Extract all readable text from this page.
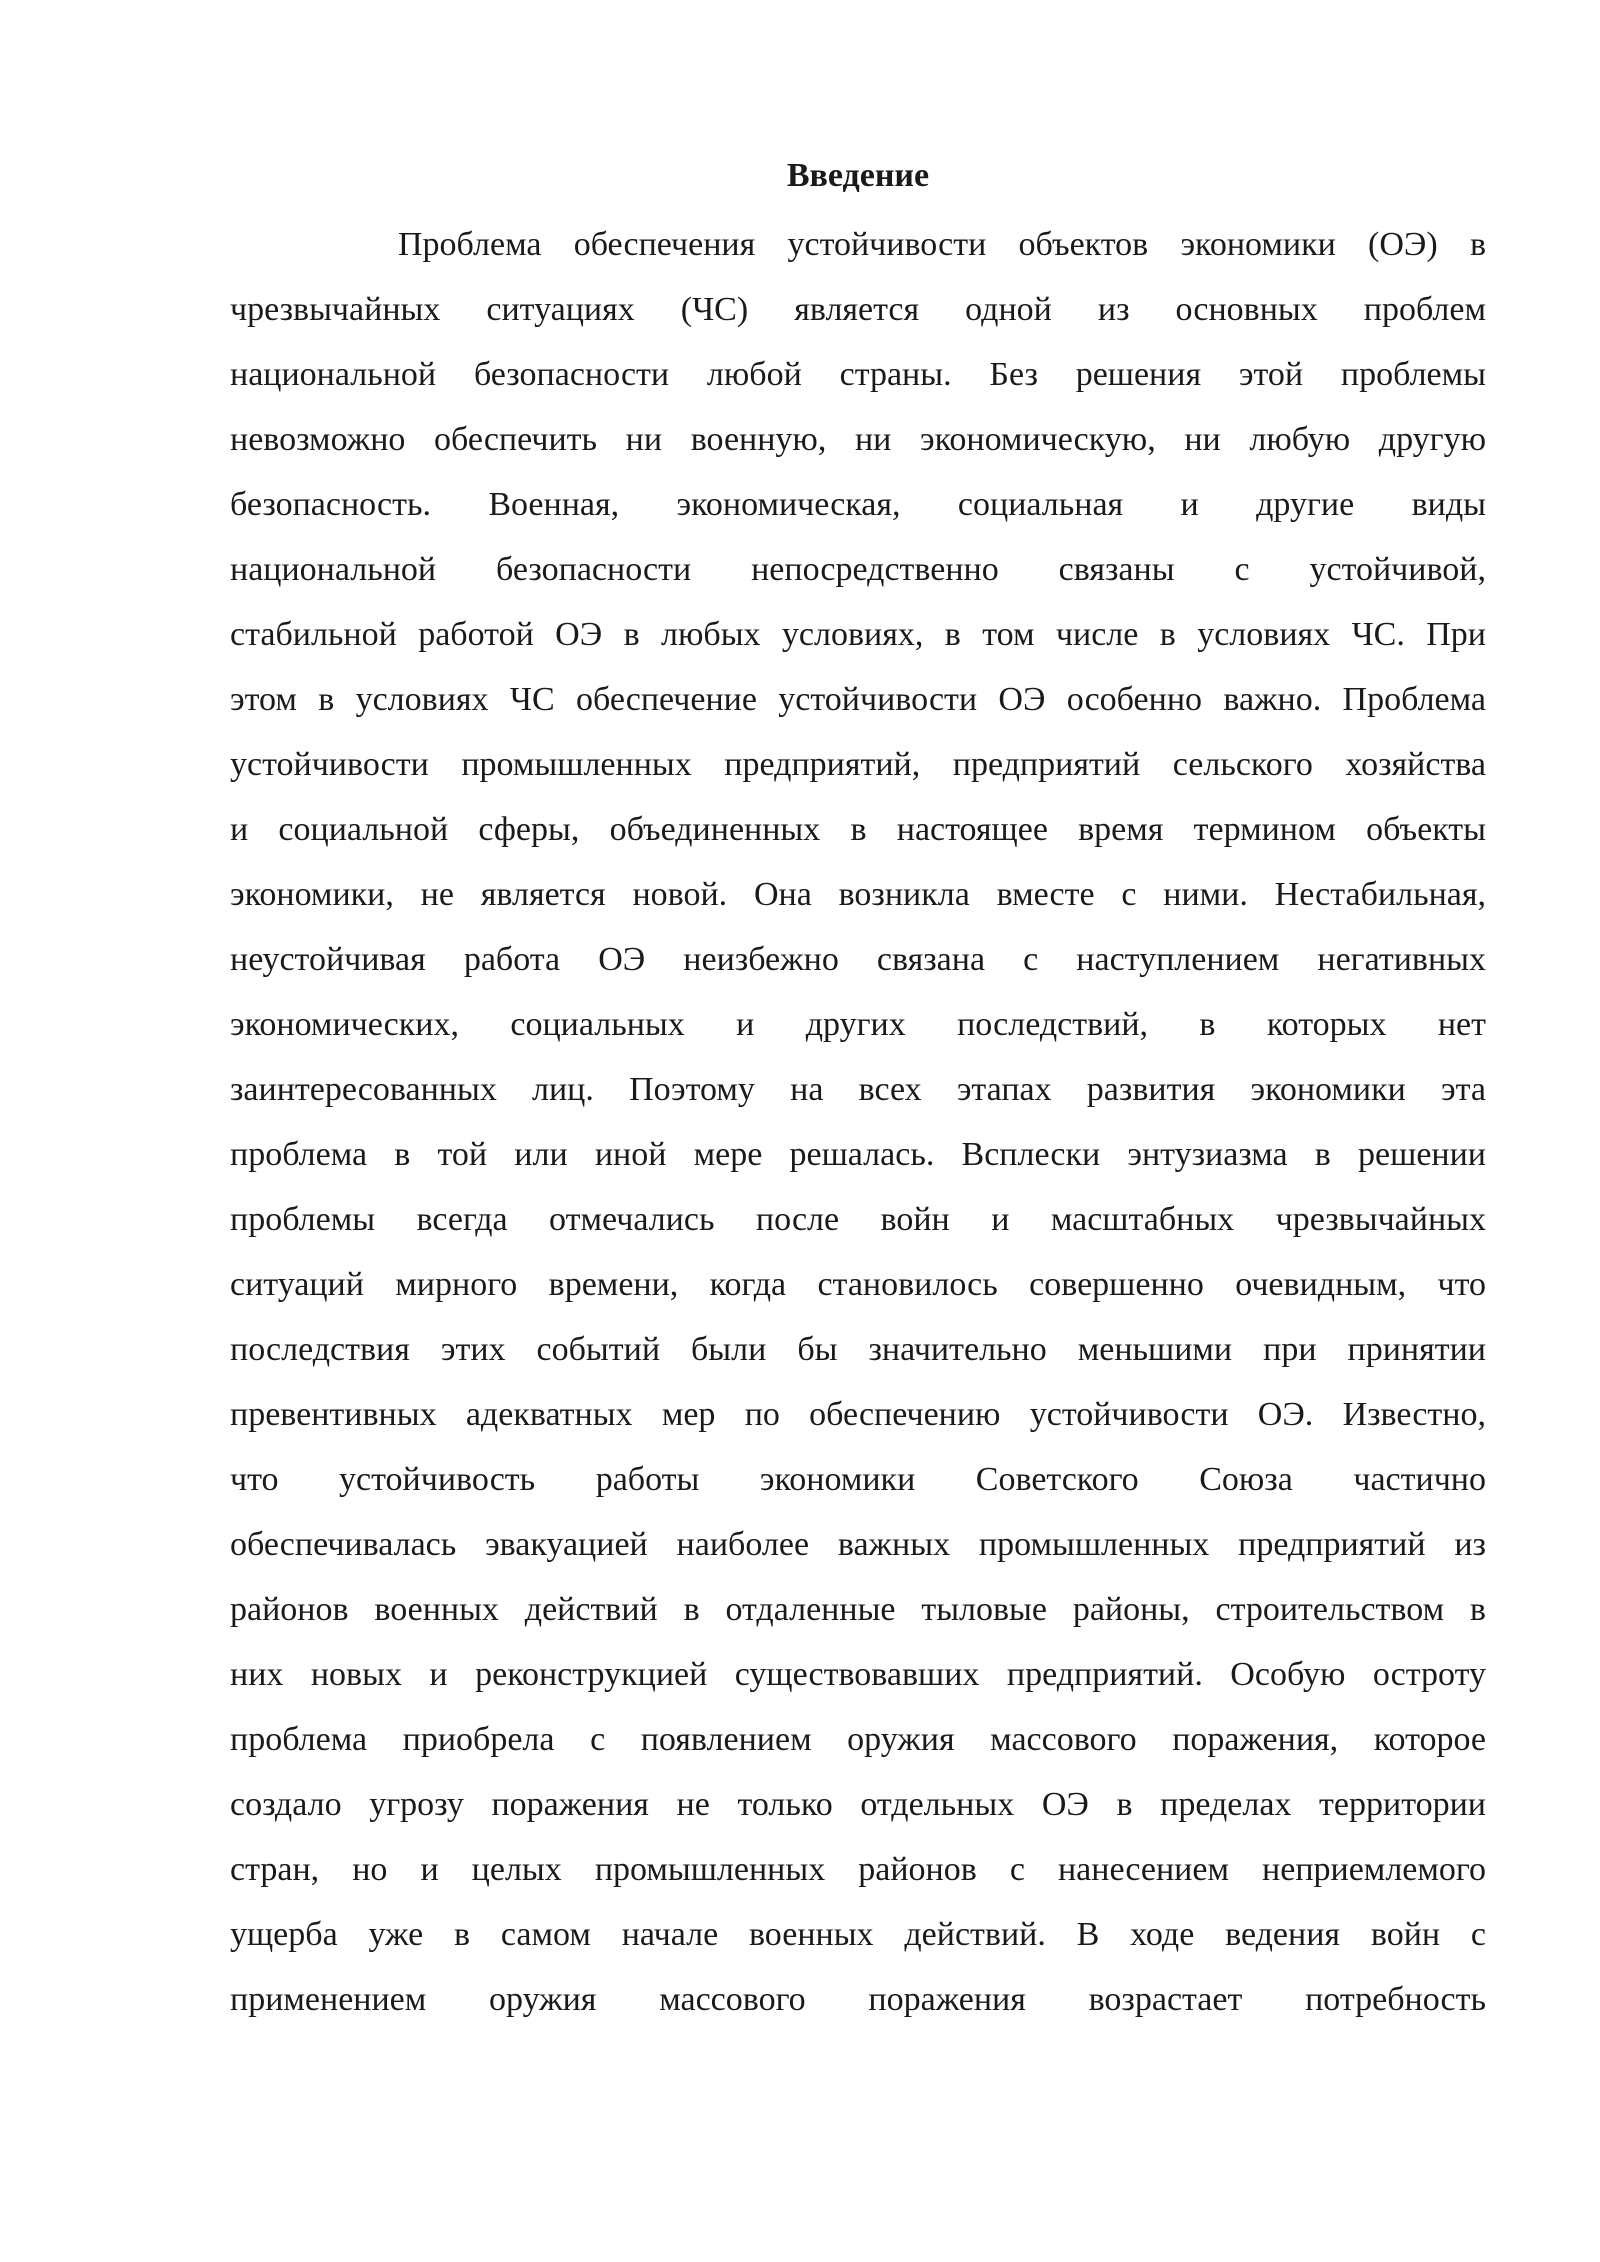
Введение
Проблема обеспечения устойчивости объектов экономики (ОЭ) в
чрезвычайных ситуациях (ЧС) является одной из основных проблем
национальной безопасности любой страны. Без решения этой проблемы
невозможно обеспечить ни военную, ни экономическую, ни любую другую
безопасность. Военная, экономическая, социальная и другие виды
национальной безопасности непосредственно связаны с устойчивой,
стабильной работой ОЭ в любых условиях, в том числе в условиях ЧС. При
этом в условиях ЧС обеспечение устойчивости ОЭ особенно важно. Проблема
устойчивости промышленных предприятий, предприятий сельского хозяйства
и социальной сферы, объединенных в настоящее время термином объекты
экономики, не является новой. Она возникла вместе с ними. Нестабильная,
неустойчивая работа ОЭ неизбежно связана с наступлением негативных
экономических, социальных и других последствий, в которых нет
заинтересованных лиц. Поэтому на всех этапах развития экономики эта
проблема в той или иной мере решалась. Всплески энтузиазма в решении
проблемы всегда отмечались после войн и масштабных чрезвычайных
ситуаций мирного времени, когда становилось совершенно очевидным, что
последствия этих событий были бы значительно меньшими при принятии
превентивных адекватных мер по обеспечению устойчивости ОЭ. Известно,
что устойчивость работы экономики Советского Союза частично
обеспечивалась эвакуацией наиболее важных промышленных предприятий из
районов военных действий в отдаленные тыловые районы, строительством в
них новых и реконструкцией существовавших предприятий. Особую остроту
проблема приобрела с появлением оружия массового поражения, которое
создало угрозу поражения не только отдельных ОЭ в пределах территории
стран, но и целых промышленных районов с нанесением неприемлемого
ущерба уже в самом начале военных действий. В ходе ведения войн с
применением оружия массового поражения возрастает потребность
